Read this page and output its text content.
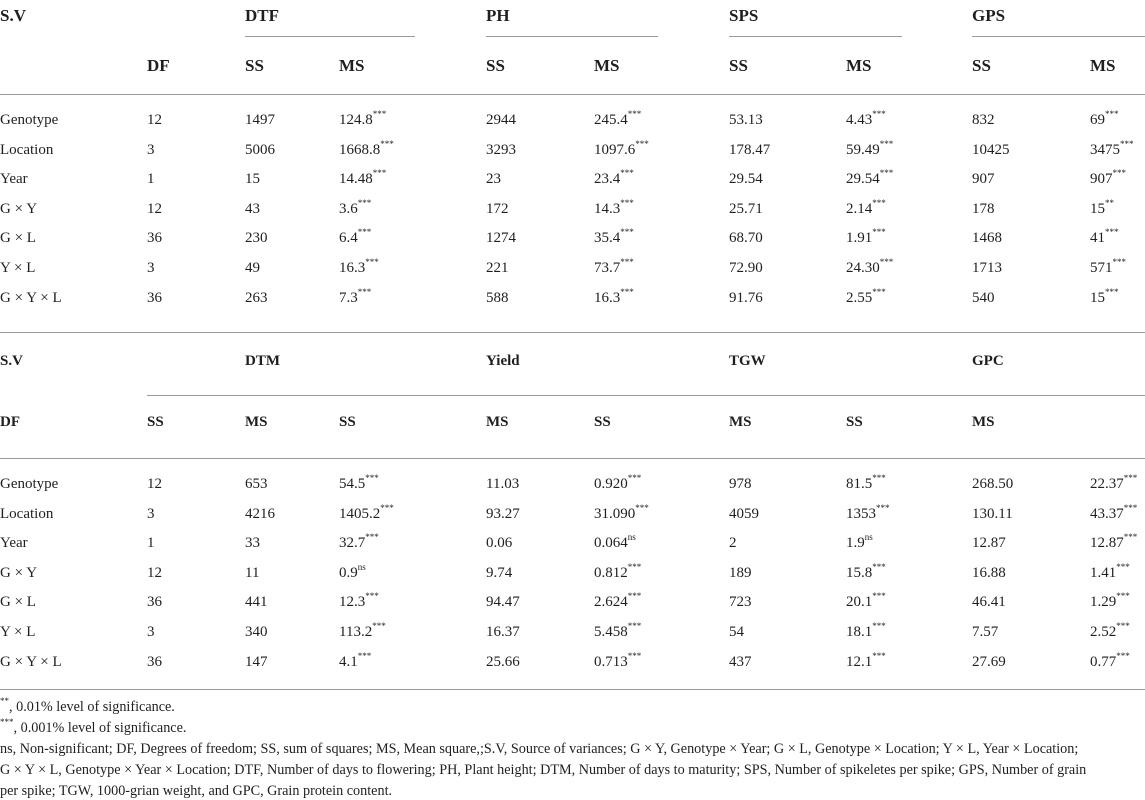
S.V	DTF	PH	SPS	GPS
DF	SS	MS	SS	MS	SS	MS	SS	MS
Genotype	12	1497	124.8***	2944	245.4***	53.13	4.43***	832	69***
Location	3	5006	1668.8***	3293	1097.6***	178.47	59.49***	10425	3475***
Year	1	15	14.48***	23	23.4***	29.54	29.54***	907	907***
G × Y	12	43	3.6***	172	14.3***	25.71	2.14***	178	15**
G × L	36	230	6.4***	1274	35.4***	68.70	1.91***	1468	41***
Y × L	3	49	16.3***	221	73.7***	72.90	24.30***	1713	571***
G × Y × L	36	263	7.3***	588	16.3***	91.76	2.55***	540	15***
S.V	DTM	Yield	TGW	GPC
DF	SS	MS	SS	MS	SS	MS	SS	MS
Genotype	12	653	54.5***	11.03	0.920***	978	81.5***	268.50	22.37***
Location	3	4216	1405.2***	93.27	31.090***	4059	1353***	130.11	43.37***
Year	1	33	32.7***	0.06	$0.064^{ns}$	2	$1.9^{ns}$	12.87	12.87***
G × Y	12	11	$0.9^{ns}$	9.74	0.812***	189	15.8***	16.88	1.41***
G × L	36	441	12.3***	94.47	2.624***	723	20.1***	46.41	1.29***
Y × L	3	340	113.2***	16.37	5.458***	54	18.1***	7.57	2.52***
G × Y × L	36	147	4.1***	25.66	0.713***	437	12.1***	27.69	0.77***
**, 0.01% level of significance.
***, 0.001% level of significance.
ns, Non-significant; DF, Degrees of freedom; SS, sum of squares; MS, Mean square,;S.V, Source of variances; G × Y, Genotype × Year; G × L, Genotype × Location; Y × L, Year × Location;
G × Y × L, Genotype × Year × Location; DTF, Number of days to flowering; PH, Plant height; DTM, Number of days to maturity; SPS, Number of spikeletes per spike; GPS, Number of grain
per spike; TGW, 1000-grian weight, and GPC, Grain protein content.
